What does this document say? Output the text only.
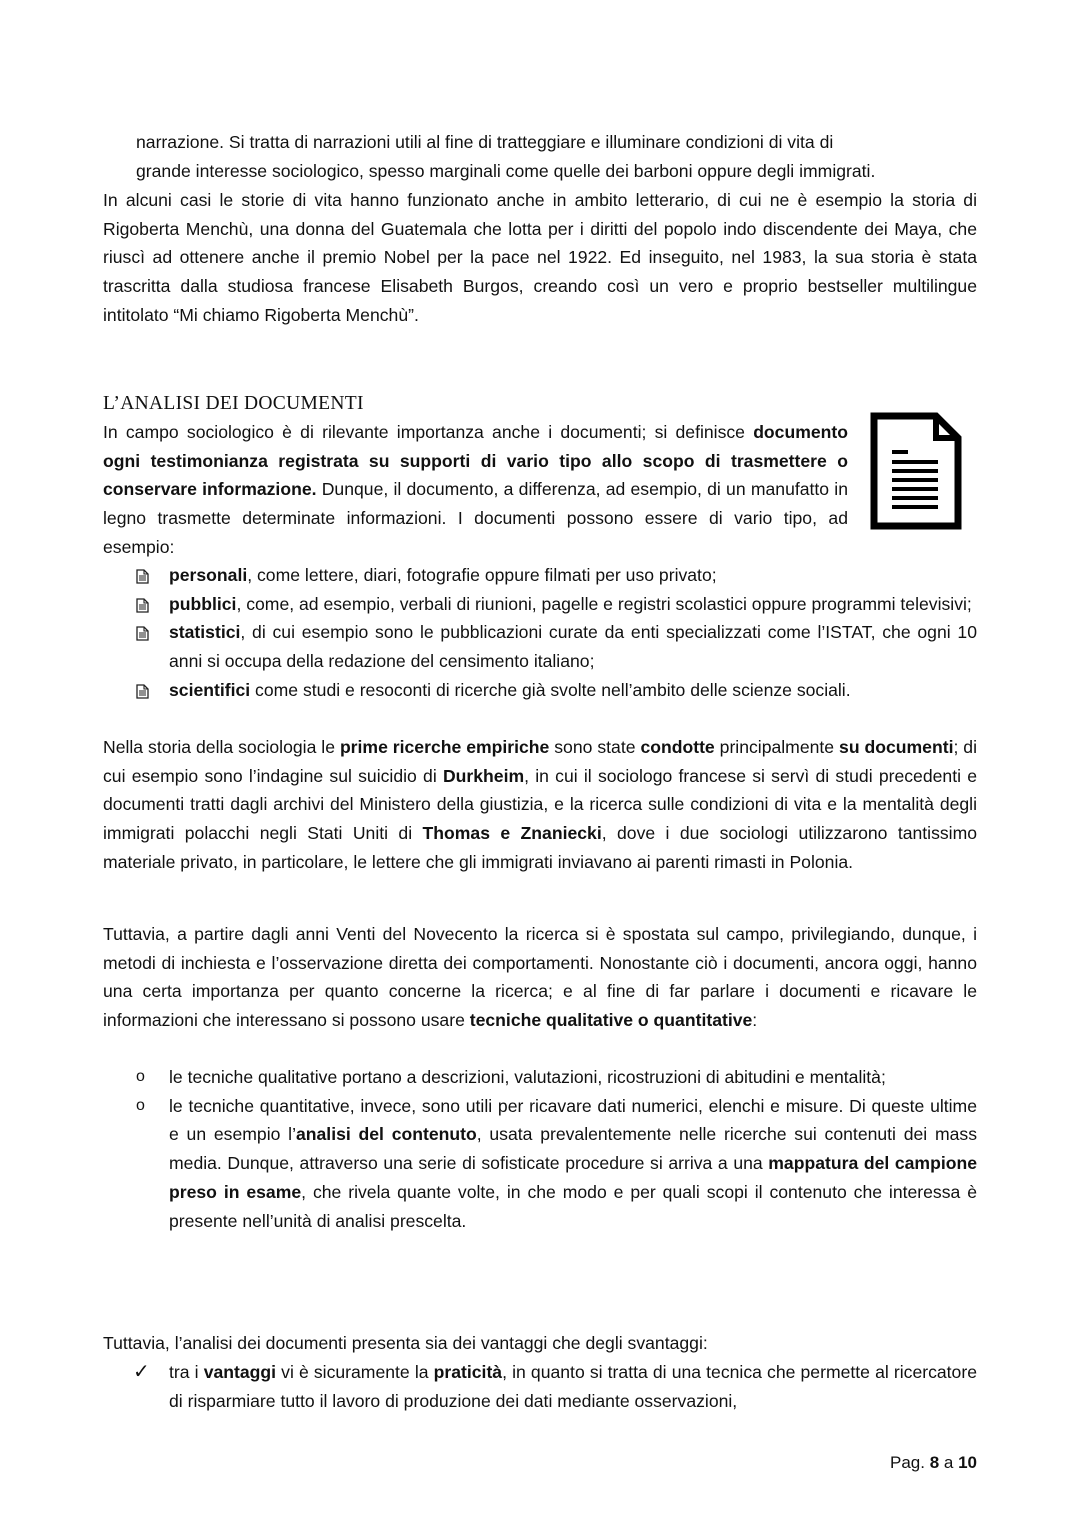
narrazione. Si tratta di narrazioni utili al fine di tratteggiare e illuminare condizioni di vita di

grande interesse sociologico, spesso marginali come quelle dei barboni oppure degli immigrati.

In alcuni casi le storie di vita hanno funzionato anche in ambito letterario, di cui ne è esempio la storia di Rigoberta Menchù, una donna del Guatemala che lotta per i diritti del popolo indo discendente dei Maya, che riuscì ad ottenere anche il premio Nobel per la pace nel 1922. Ed inseguito, nel 1983, la sua storia è stata trascritta dalla studiosa francese Elisabeth Burgos, creando così un vero e proprio bestseller multilingue intitolato “Mi chiamo Rigoberta Menchù”.

L’ANALISI DEI DOCUMENTI

In campo sociologico è di rilevante importanza anche i documenti; si definisce documento ogni testimonianza registrata su supporti di vario tipo allo scopo di trasmettere o conservare informazione. Dunque, il documento, a differenza, ad esempio, di un manufatto in legno trasmette determinate informazioni. I documenti possono essere di vario tipo, ad esempio:

personali, come lettere, diari, fotografie oppure filmati per uso privato;
pubblici, come, ad esempio, verbali di riunioni, pagelle e registri scolastici oppure programmi televisivi;
statistici, di cui esempio sono le pubblicazioni curate da enti specializzati come l’ISTAT, che ogni 10 anni si occupa della redazione del censimento italiano;
scientifici come studi e resoconti di ricerche già svolte nell’ambito delle scienze sociali.

Nella storia della sociologia le prime ricerche empiriche sono state condotte principalmente su documenti; di cui esempio sono l’indagine sul suicidio di Durkheim, in cui il sociologo francese si servì di studi precedenti e documenti tratti dagli archivi del Ministero della giustizia, e la ricerca sulle condizioni di vita e la mentalità degli immigrati polacchi negli Stati Uniti di Thomas e Znaniecki, dove i due sociologi utilizzarono tantissimo materiale privato, in particolare, le lettere che gli immigrati inviavano ai parenti rimasti in Polonia.

Tuttavia, a partire dagli anni Venti del Novecento la ricerca si è spostata sul campo, privilegiando, dunque, i metodi di inchiesta e l’osservazione diretta dei comportamenti. Nonostante ciò i documenti, ancora oggi, hanno una certa importanza per quanto concerne la ricerca; e al fine di far parlare i documenti e ricavare le informazioni che interessano si possono usare tecniche qualitative o quantitative:

o	le tecniche qualitative portano a descrizioni, valutazioni, ricostruzioni di abitudini e mentalità;
o	le tecniche quantitative, invece, sono utili per ricavare dati numerici, elenchi e misure. Di queste ultime e un esempio l’analisi del contenuto, usata prevalentemente nelle ricerche sui contenuti dei mass media. Dunque, attraverso una serie di sofisticate procedure si arriva a una mappatura del campione preso in esame, che rivela quante volte, in che modo e per quali scopi il contenuto che interessa è presente nell’unità di analisi prescelta.

Tuttavia, l’analisi dei documenti presenta sia dei vantaggi che degli svantaggi:

✓ tra i vantaggi vi è sicuramente la praticità, in quanto si tratta di una tecnica che permette al ricercatore di risparmiare tutto il lavoro di produzione dei dati mediante osservazioni,
Pag. 8 a 10
